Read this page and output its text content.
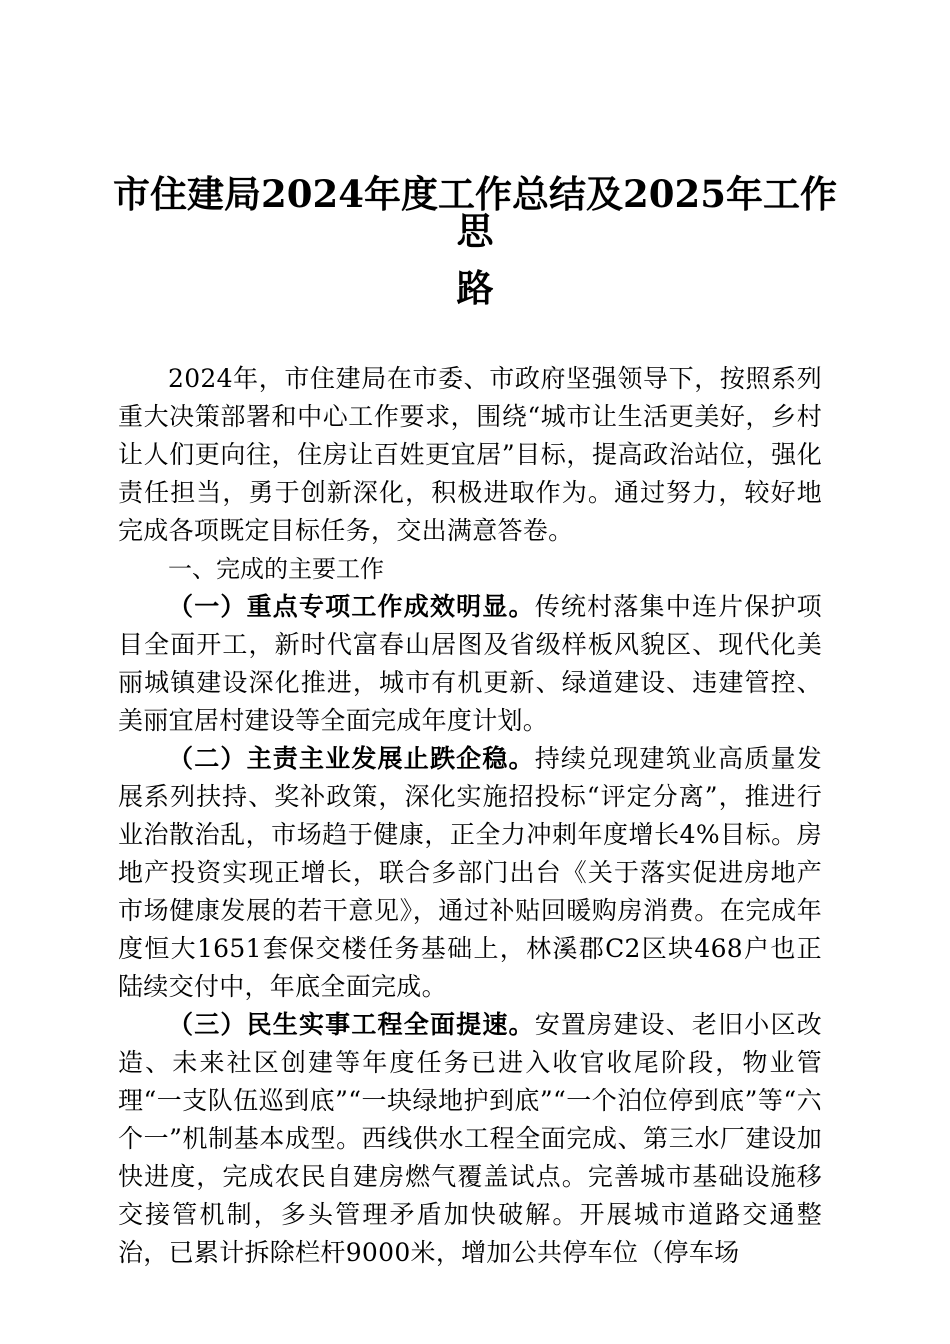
市住建局2024年度工作总结及2025年工作思
路

2024年，市住建局在市委、市政府坚强领导下，按照系列重大决策部署和中心工作要求，围绕“城市让生活更美好，乡村让人们更向往，住房让百姓更宜居”目标，提高政治站位，强化责任担当，勇于创新深化，积极进取作为。通过努力，较好地完成各项既定目标任务，交出满意答卷。

一、完成的主要工作

（一）重点专项工作成效明显。传统村落集中连片保护项目全面开工，新时代富春山居图及省级样板风貌区、现代化美丽城镇建设深化推进，城市有机更新、绿道建设、违建管控、美丽宜居村建设等全面完成年度计划。

（二）主责主业发展止跌企稳。持续兑现建筑业高质量发展系列扶持、奖补政策，深化实施招投标“评定分离”，推进行业治散治乱，市场趋于健康，正全力冲刺年度增长4%目标。房地产投资实现正增长，联合多部门出台《关于落实促进房地产市场健康发展的若干意见》，通过补贴回暖购房消费。在完成年度恒大1651套保交楼任务基础上，林溪郡C2区块468户也正陆续交付中，年底全面完成。

（三）民生实事工程全面提速。安置房建设、老旧小区改造、未来社区创建等年度任务已进入收官收尾阶段，物业管理“一支队伍巡到底”“一块绿地护到底”“一个泊位停到底”等“六个一”机制基本成型。西线供水工程全面完成、第三水厂建设加快进度，完成农民自建房燃气覆盖试点。完善城市基础设施移交接管机制，多头管理矛盾加快破解。开展城市道路交通整治，已累计拆除栏杆9000米，增加公共停车位（停车场
